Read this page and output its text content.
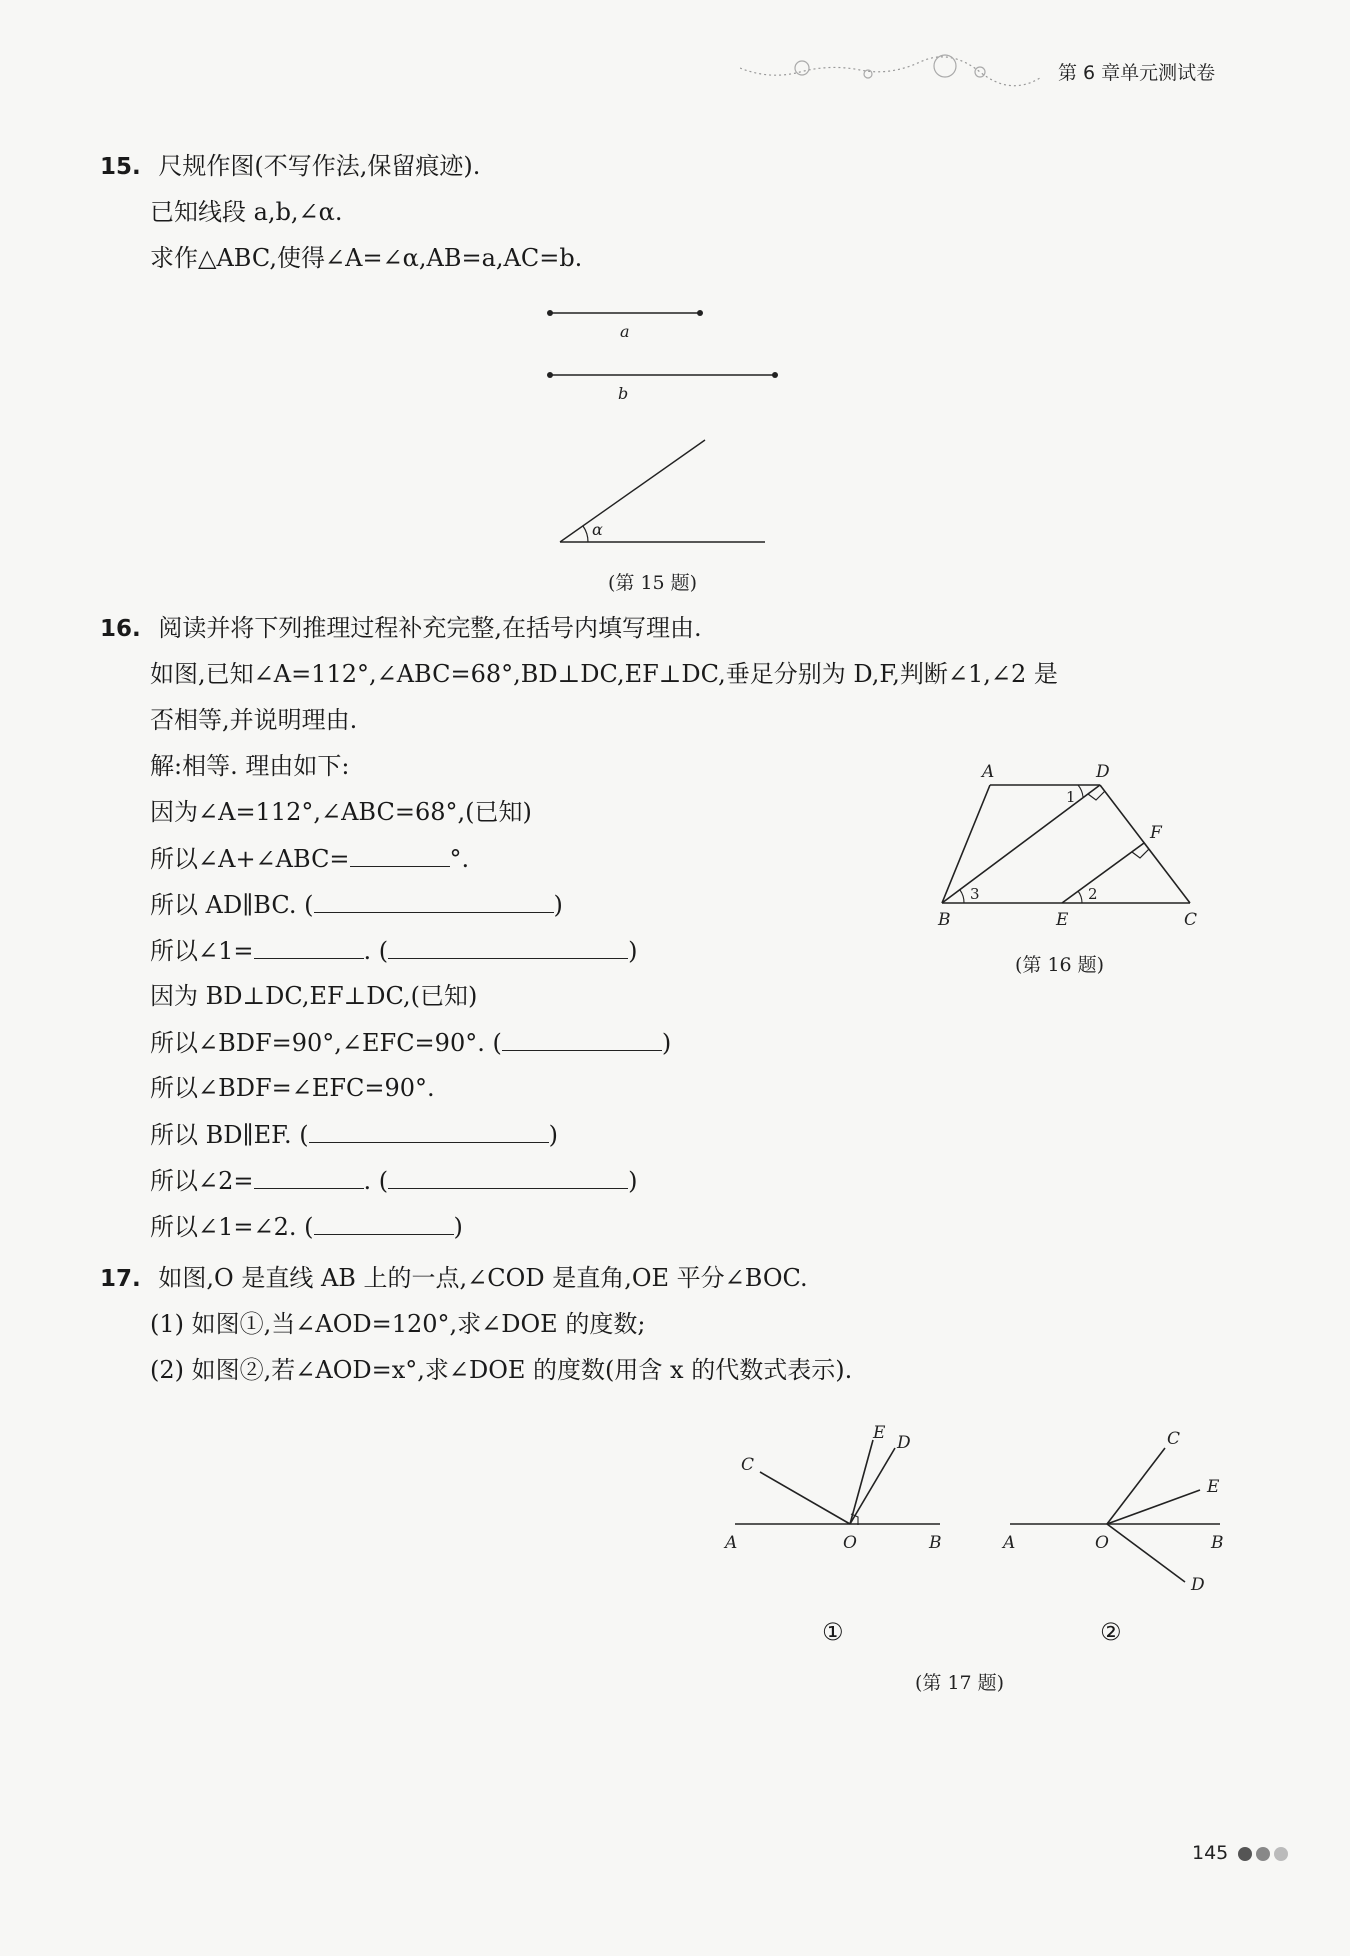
第 6 章单元测试卷
15. 尺规作图(不写作法,保留痕迹).
已知线段 a,b,∠α.
求作△ABC,使得∠A=∠α,AB=a,AC=b.
a
b
α
(第 15 题)
16. 阅读并将下列推理过程补充完整,在括号内填写理由.
如图,已知∠A=112°,∠ABC=68°,BD⊥DC,EF⊥DC,垂足分别为 D,F,判断∠1,∠2 是
否相等,并说明理由.
解:相等. 理由如下:
因为∠A=112°,∠ABC=68°,(已知)
所以∠A+∠ABC=	°.
所以 AD∥BC. (	)
所以∠1=	. (	)
因为 BD⊥DC,EF⊥DC,(已知)
所以∠BDF=90°,∠EFC=90°. (	)
所以∠BDF=∠EFC=90°.
所以 BD∥EF. (	)
所以∠2=	. (	)
所以∠1=∠2. (	)
A	D
F
B	E	C
1
2
3
(第 16 题)
17. 如图,O 是直线 AB 上的一点,∠COD 是直角,OE 平分∠BOC.
(1) 如图①,当∠AOD=120°,求∠DOE 的度数;
(2) 如图②,若∠AOD=x°,求∠DOE 的度数(用含 x 的代数式表示).
A	O	B
C
E D
①
A	O	B
C
E
D
②
(第 17 题)
145
